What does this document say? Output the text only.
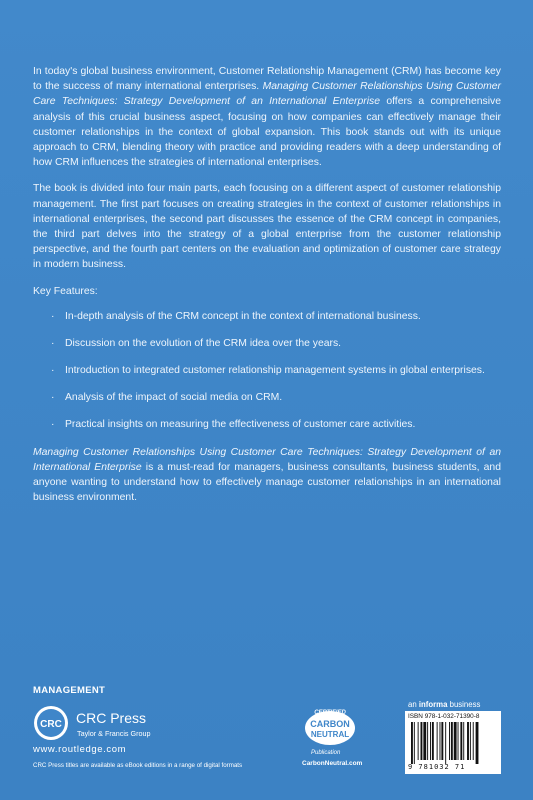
In today's global business environment, Customer Relationship Management (CRM) has become key to the success of many international enterprises. Managing Customer Relationships Using Customer Care Techniques: Strategy Development of an International Enterprise offers a comprehensive analysis of this crucial business aspect, focusing on how companies can effectively manage their customer relationships in the context of global expansion. This book stands out with its unique approach to CRM, blending theory with practice and providing readers with a deep understanding of how CRM influences the strategies of international enterprises.

The book is divided into four main parts, each focusing on a different aspect of customer relationship management. The first part focuses on creating strategies in the context of customer relationships in international enterprises, the second part discusses the essence of the CRM concept in companies, the third part delves into the strategy of a global enterprise from the customer relationship perspective, and the fourth part centers on the evaluation and optimization of customer care strategy in modern business.

Key Features:

· In-depth analysis of the CRM concept in the context of international business.
· Discussion on the evolution of the CRM idea over the years.
· Introduction to integrated customer relationship management systems in global enterprises.
· Analysis of the impact of social media on CRM.
· Practical insights on measuring the effectiveness of customer care activities.

Managing Customer Relationships Using Customer Care Techniques: Strategy Development of an International Enterprise is a must-read for managers, business consultants, business students, and anyone wanting to understand how to effectively manage customer relationships in an international business environment.

MANAGEMENT
CRC CRC Press
Taylor & Francis Group
www.routledge.com
CRC Press titles are available as eBook editions in a range of digital formats
CERTIFIED
CARBON
NEUTRAL
Publication
CarbonNeutral.com
an informa business
ISBN 978-1-032-71390-8
9 781032 71
